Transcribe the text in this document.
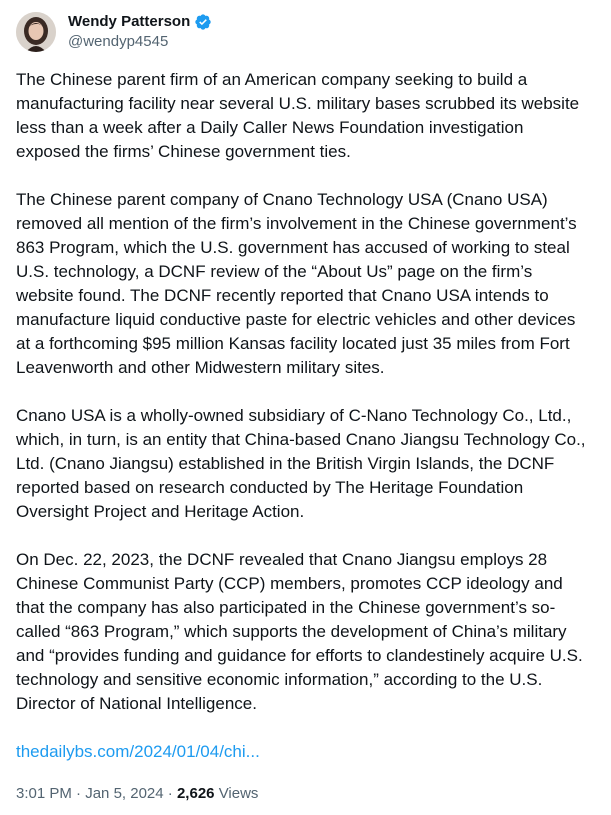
Wendy Patterson
@wendyp4545

The Chinese parent firm of an American company seeking to build a manufacturing facility near several U.S. military bases scrubbed its website less than a week after a Daily Caller News Foundation investigation exposed the firms’ Chinese government ties.

The Chinese parent company of Cnano Technology USA (Cnano USA) removed all mention of the firm’s involvement in the Chinese government’s 863 Program, which the U.S. government has accused of working to steal U.S. technology, a DCNF review of the “About Us” page on the firm’s website found. The DCNF recently reported that Cnano USA intends to manufacture liquid conductive paste for electric vehicles and other devices at a forthcoming $95 million Kansas facility located just 35 miles from Fort Leavenworth and other Midwestern military sites.

Cnano USA is a wholly-owned subsidiary of C-Nano Technology Co., Ltd., which, in turn, is an entity that China-based Cnano Jiangsu Technology Co., Ltd. (Cnano Jiangsu) established in the British Virgin Islands, the DCNF reported based on research conducted by The Heritage Foundation Oversight Project and Heritage Action.

On Dec. 22, 2023, the DCNF revealed that Cnano Jiangsu employs 28 Chinese Communist Party (CCP) members, promotes CCP ideology and that the company has also participated in the Chinese government’s so-called “863 Program,” which supports the development of China’s military and “provides funding and guidance for efforts to clandestinely acquire U.S. technology and sensitive economic information,” according to the U.S. Director of National Intelligence.

thedailybs.com/2024/01/04/chi...
3:01 PM · Jan 5, 2024 · 2,626 Views
